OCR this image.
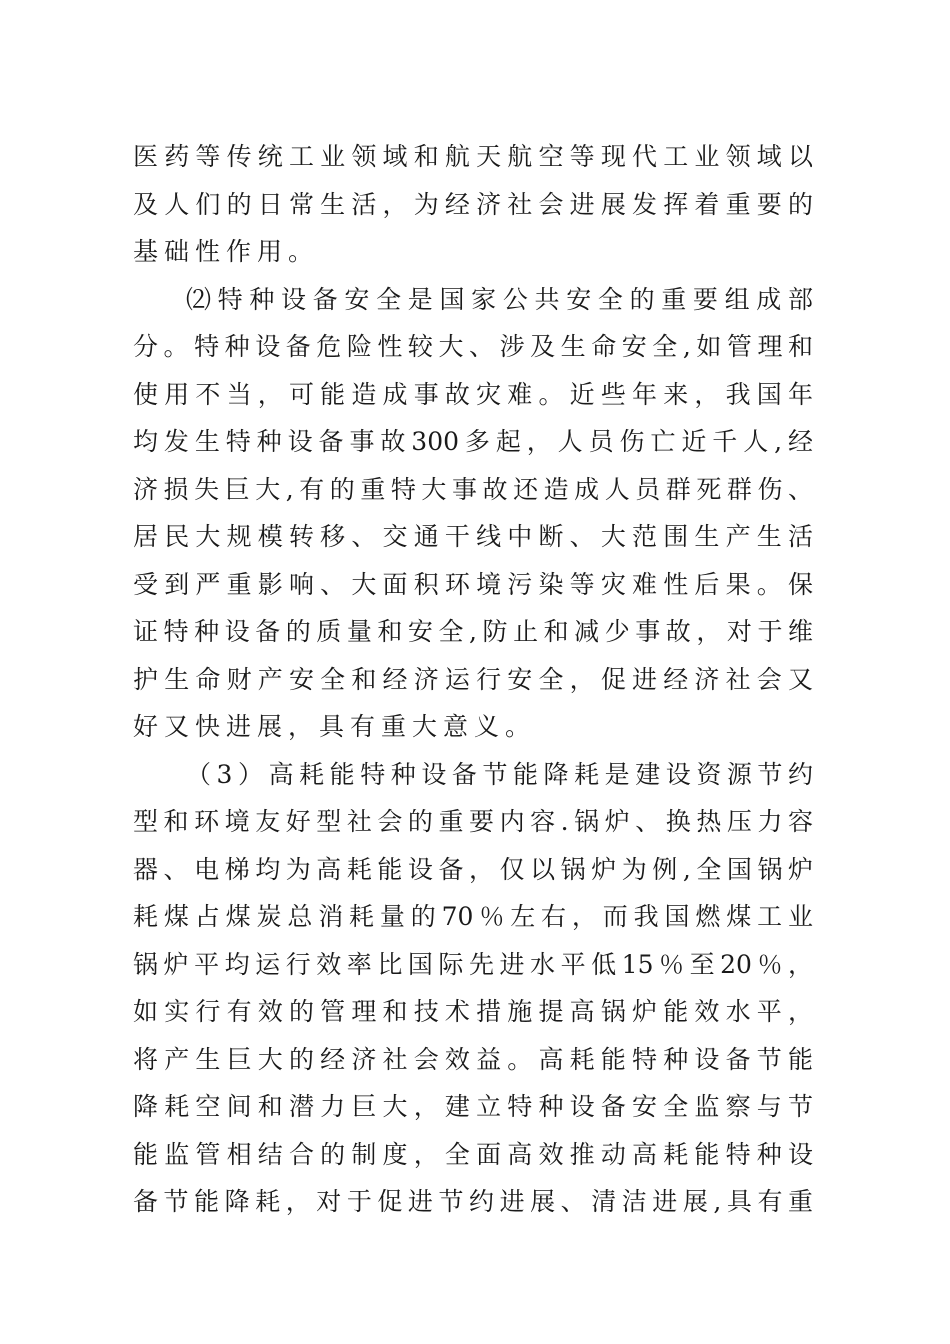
医药等传统工业领域和航天航空等现代工业领域以
及人们的日常生活，为经济社会进展发挥着重要的
基础性作用。
⑵特种设备安全是国家公共安全的重要组成部
分。特种设备危险性较大、涉及生命安全,如管理和
使用不当，可能造成事故灾难。近些年来，我国年
均发生特种设备事故300多起，人员伤亡近千人,经
济损失巨大,有的重特大事故还造成人员群死群伤、
居民大规模转移、交通干线中断、大范围生产生活
受到严重影响、大面积环境污染等灾难性后果。保
证特种设备的质量和安全,防止和减少事故，对于维
护生命财产安全和经济运行安全，促进经济社会又
好又快进展，具有重大意义。
（3）高耗能特种设备节能降耗是建设资源节约
型和环境友好型社会的重要内容.锅炉、换热压力容
器、电梯均为高耗能设备，仅以锅炉为例,全国锅炉
耗煤占煤炭总消耗量的70％左右，而我国燃煤工业
锅炉平均运行效率比国际先进水平低15％至20％，
如实行有效的管理和技术措施提高锅炉能效水平，
将产生巨大的经济社会效益。高耗能特种设备节能
降耗空间和潜力巨大，建立特种设备安全监察与节
能监管相结合的制度，全面高效推动高耗能特种设
备节能降耗，对于促进节约进展、清洁进展,具有重
